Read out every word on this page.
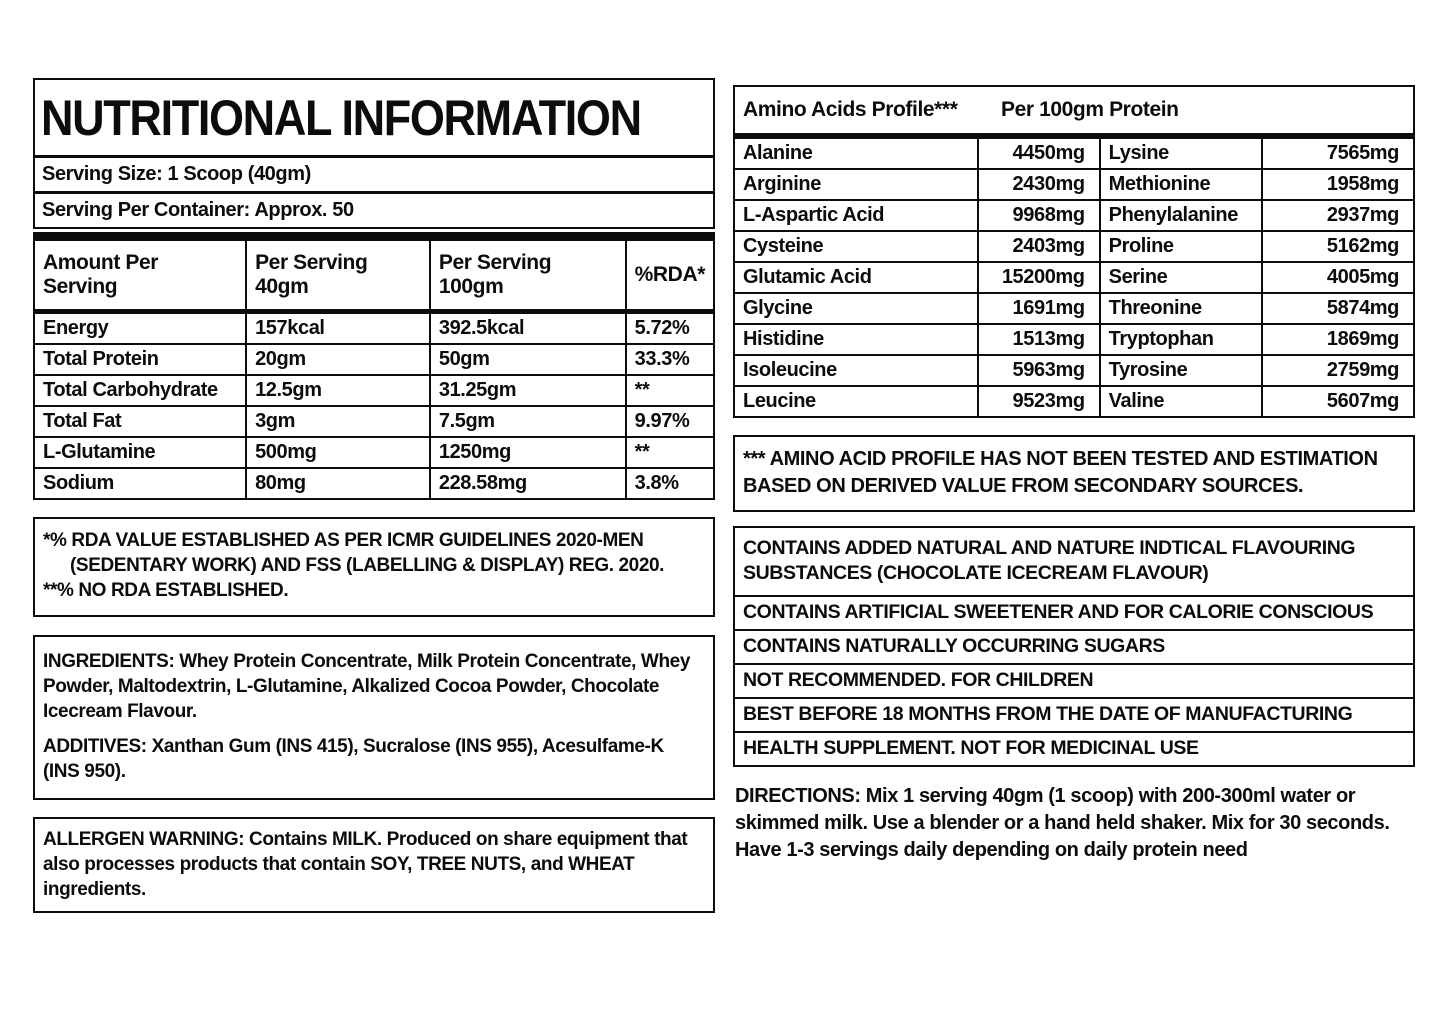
NUTRITIONAL INFORMATION
Serving Size: 1 Scoop (40gm)
Serving Per Container: Approx. 50
Amount Per Serving	Per Serving 40gm	Per Serving 100gm	%RDA*
Energy	157kcal	392.5kcal	5.72%
Total Protein	20gm	50gm	33.3%
Total Carbohydrate	12.5gm	31.25gm	**
Total Fat	3gm	7.5gm	9.97%
L-Glutamine	500mg	1250mg	**
Sodium	80mg	228.58mg	3.8%
*% RDA VALUE ESTABLISHED AS PER ICMR GUIDELINES 2020-MEN
(SEDENTARY WORK) AND FSS (LABELLING & DISPLAY) REG. 2020.
**% NO RDA ESTABLISHED.
INGREDIENTS: Whey Protein Concentrate, Milk Protein Concentrate, Whey Powder, Maltodextrin, L-Glutamine, Alkalized Cocoa Powder, Chocolate Icecream Flavour.
ADDITIVES: Xanthan Gum (INS 415), Sucralose (INS 955), Acesulfame-K (INS 950).
ALLERGEN WARNING: Contains MILK. Produced on share equipment that also processes products that contain SOY, TREE NUTS, and WHEAT ingredients.
Amino Acids Profile*** Per 100gm Protein			

Alanine	4450mg	Lysine	7565mg
Arginine	2430mg	Methionine	1958mg
L-Aspartic Acid	9968mg	Phenylalanine	2937mg
Cysteine	2403mg	Proline	5162mg
Glutamic Acid	15200mg	Serine	4005mg
Glycine	1691mg	Threonine	5874mg
Histidine	1513mg	Tryptophan	1869mg
Isoleucine	5963mg	Tyrosine	2759mg
Leucine	9523mg	Valine	5607mg
*** AMINO ACID PROFILE HAS NOT BEEN TESTED AND ESTIMATION BASED ON DERIVED VALUE FROM SECONDARY SOURCES.
CONTAINS ADDED NATURAL AND NATURE INDTICAL FLAVOURING SUBSTANCES (CHOCOLATE ICECREAM FLAVOUR)
CONTAINS ARTIFICIAL SWEETENER AND FOR CALORIE CONSCIOUS
CONTAINS NATURALLY OCCURRING SUGARS
NOT RECOMMENDED. FOR CHILDREN
BEST BEFORE 18 MONTHS FROM THE DATE OF MANUFACTURING
HEALTH SUPPLEMENT. NOT FOR MEDICINAL USE
DIRECTIONS: Mix 1 serving 40gm (1 scoop) with 200-300ml water or skimmed milk. Use a blender or a hand held shaker. Mix for 30 seconds. Have 1-3 servings daily depending on daily protein need
